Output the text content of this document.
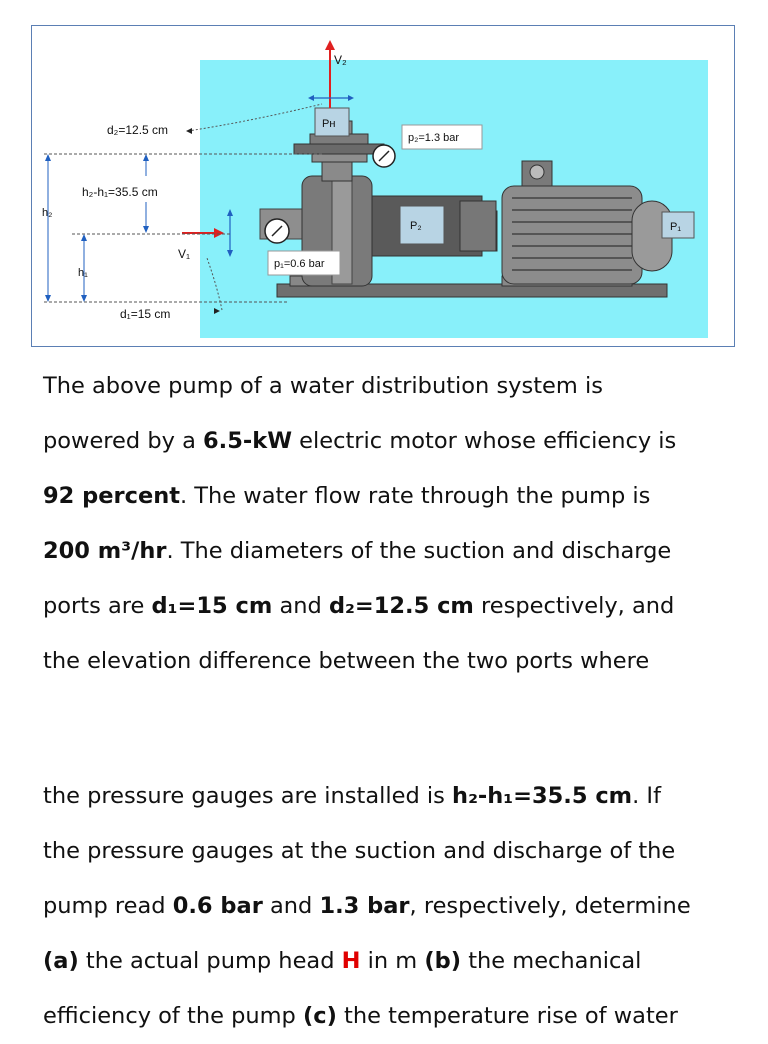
Pʜ
V₂
P₂	P₁
p₂=1.3 bar
p₁=0.6 bar
V₁
d₂=12.5 cm
h₂-h₁=35.5 cm
h₂
h₁
d₁=15 cm
The above pump of a water distribution system is
powered by a 6.5-kW electric motor whose efficiency is
92 percent. The water flow rate through the pump is
200 m³/hr. The diameters of the suction and discharge
ports are d₁=15 cm and d₂=12.5 cm respectively, and
the elevation difference between the two ports where
the pressure gauges are installed is h₂-h₁=35.5 cm. If
the pressure gauges at the suction and discharge of the
pump read 0.6 bar and 1.3 bar, respectively, determine
(a) the actual pump head H in m (b) the mechanical
efficiency of the pump (c) the temperature rise of water
